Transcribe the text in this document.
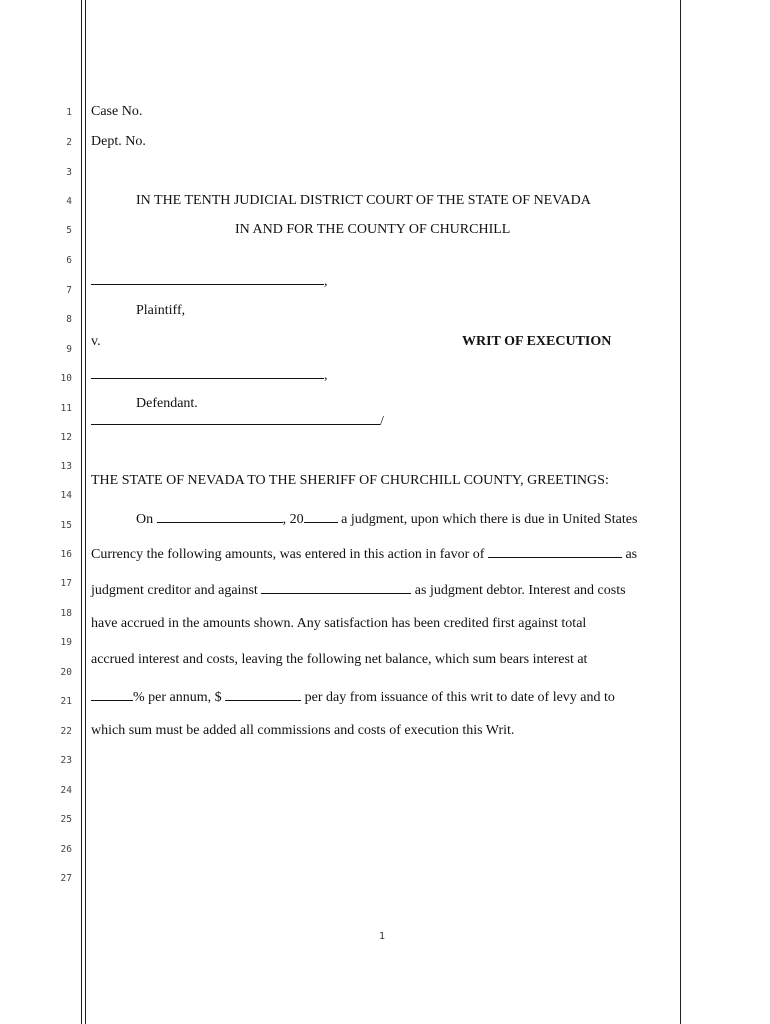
1
2
3
4
5
6
7
8
9
10
11
12
13
14
15
16
17
18
19
20
21
22
23
24
25
26
27
Case No.
Dept. No.
IN THE TENTH JUDICIAL DISTRICT COURT OF THE STATE OF NEVADA
IN AND FOR THE COUNTY OF CHURCHILL
,
Plaintiff,
v.	WRIT OF EXECUTION
,
Defendant.
/
THE STATE OF NEVADA TO THE SHERIFF OF CHURCHILL COUNTY, GREETINGS:
On	, 20 a judgment, upon which there is due in United States
Currency the following amounts, was entered in this action in favor of	as
judgment creditor and against	as judgment debtor. Interest and costs
have accrued in the amounts shown. Any satisfaction has been credited first against total
accrued interest and costs, leaving the following net balance, which sum bears interest at
% per annum, $	per day from issuance of this writ to date of levy and to
which sum must be added all commissions and costs of execution this Writ.
1
